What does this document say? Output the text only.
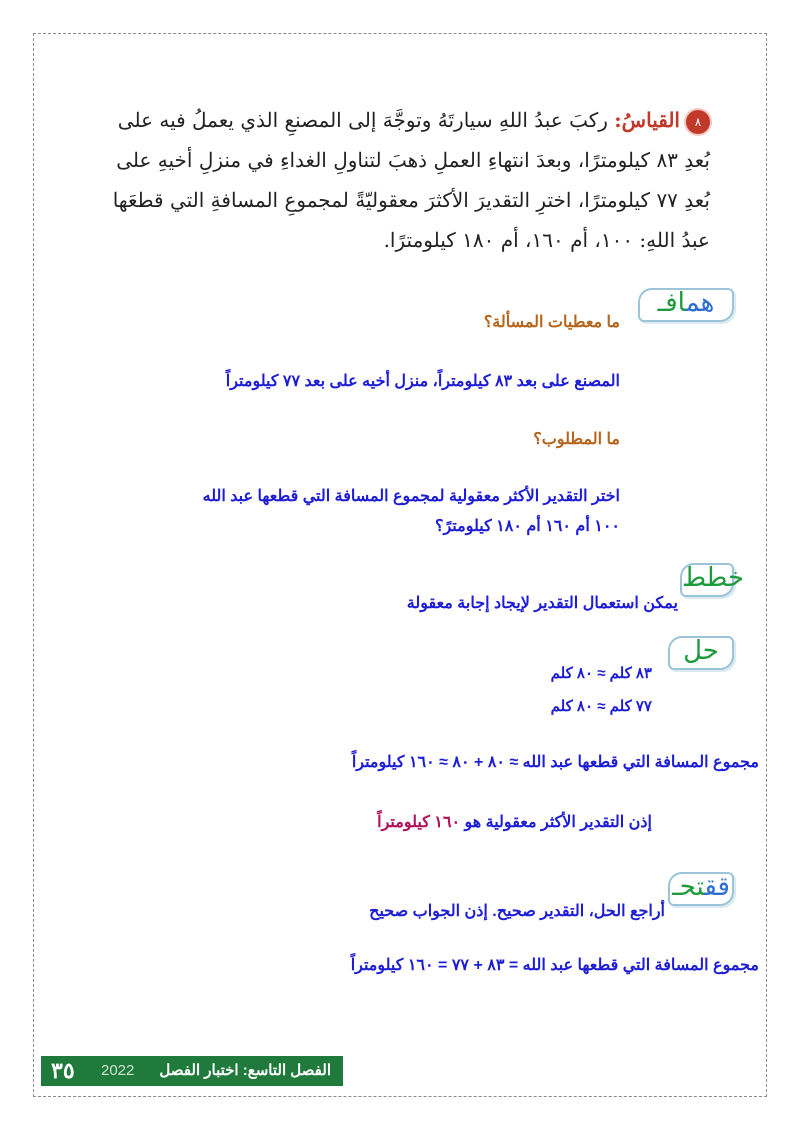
٨القياسُ: ركبَ عبدُ اللهِ سيارتَهُ وتوجَّهَ إلى المصنعِ الذي يعملُ فيه على بُعدِ ٨٣ كيلومترًا، وبعدَ انتهاءِ العملِ ذهبَ لتناولِ الغداءِ في منزلِ أخيهِ على بُعدِ ٧٧ كيلومترًا، اخترِ التقديرَ الأكثرَ معقوليّةً لمجموعِ المسافةِ التي قطعَها عبدُ اللهِ: ١٠٠، أم ١٦٠، أم ١٨٠ كيلومترًا.
همافـ
ما معطيات المسألة؟
المصنع على بعد ٨٣ كيلومتراً، منزل أخيه على بعد ٧٧ كيلومتراً
ما المطلوب؟
اختر التقدير الأكثر معقولية لمجموع المسافة التي قطعها عبد الله
١٠٠ أم ١٦٠ أم ١٨٠ كيلومترً؟
خطط
يمكن استعمال التقدير لإيجاد إجابة معقولة
حل
٨٣ كلم ≈ ٨٠ كلم
٧٧ كلم ≈ ٨٠ كلم
مجموع المسافة التي قطعها عبد الله ≈ ٨٠ + ٨٠ ≈ ١٦٠ كيلومتراً
إذن التقدير الأكثر معقولية هو ١٦٠ كيلومتراً
ققتحـ
أراجع الحل، التقدير صحيح. إذن الجواب صحيح
مجموع المسافة التي قطعها عبد الله = ٨٣ + ٧٧ = ١٦٠ كيلومتراً
الفصل التاسع: اختبار الفصل
2022
٣٥
